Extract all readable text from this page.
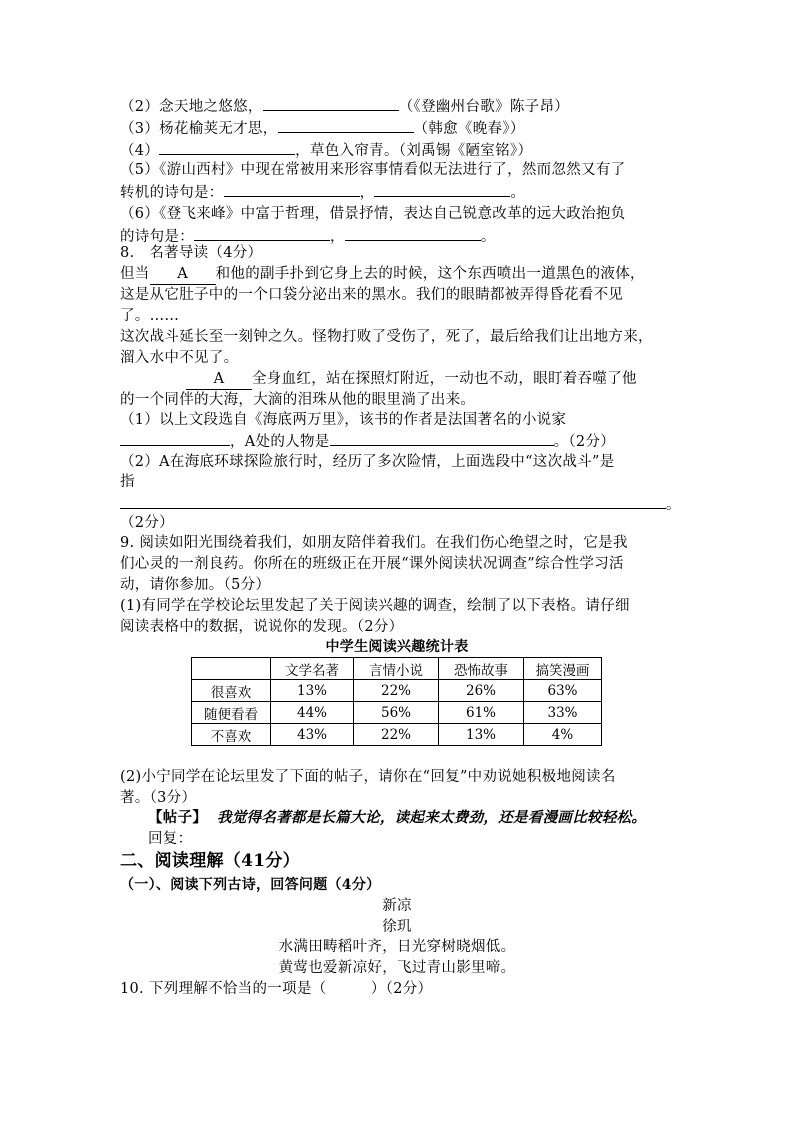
（2）念天地之悠悠，	（《登幽州台歌》陈子昂）
（3）杨花榆荚无才思，	（韩愈《晚春》）
（4）	，草色入帘青。（刘禹锡《陋室铭》）
（5）《游山西村》中现在常被用来形容事情看似无法进行了，然而忽然又有了
转机的诗句是：	，	。
（6）《登飞来峰》中富于哲理，借景抒情，表达自己锐意改革的远大政治抱负
的诗句是：	，	。
8.　名著导读（4分）
但当 A 和他的副手扑到它身上去的时候，这个东西喷出一道黑色的液体，
这是从它肚子中的一个口袋分泌出来的黑水。我们的眼睛都被弄得昏花看不见
了。……
这次战斗延长至一刻钟之久。怪物打败了受伤了，死了，最后给我们让出地方来，
溜入水中不见了。
A 全身血红，站在探照灯附近，一动也不动，眼盯着吞噬了他
的一个同伴的大海，大滴的泪珠从他的眼里淌了出来。
（1）以上文段选自《海底两万里》，该书的作者是法国著名的小说家
，A处的人物是	。（2分）
（2）A在海底环球探险旅行时，经历了多次险情，上面选段中“这次战斗”是
指
。
（2分）
9. 阅读如阳光围绕着我们，如朋友陪伴着我们。在我们伤心绝望之时，它是我
们心灵的一剂良药。你所在的班级正在开展“课外阅读状况调查”综合性学习活
动，请你参加。（5分）
(1)有同学在学校论坛里发起了关于阅读兴趣的调查，绘制了以下表格。请仔细
阅读表格中的数据，说说你的发现。（2分）
中学生阅读兴趣统计表
	文学名著	言情小说	恐怖故事	搞笑漫画
很喜欢	13%	22%	26%	63%
随便看看	44%	56%	61%	33%
不喜欢	43%	22%	13%	4%
(2)小宁同学在论坛里发了下面的帖子，请你在“回复”中劝说她积极地阅读名
著。（3分）
【帖子】 我觉得名著都是长篇大论，读起来太费劲，还是看漫画比较轻松。
回复：
二、阅读理解（41分）
（一）、阅读下列古诗，回答问题（4分）
新凉
徐玑
水满田畴稻叶齐，日光穿树晓烟低。
黄莺也爱新凉好，飞过青山影里啼。
10. 下列理解不恰当的一项是（　　　）（2分）
